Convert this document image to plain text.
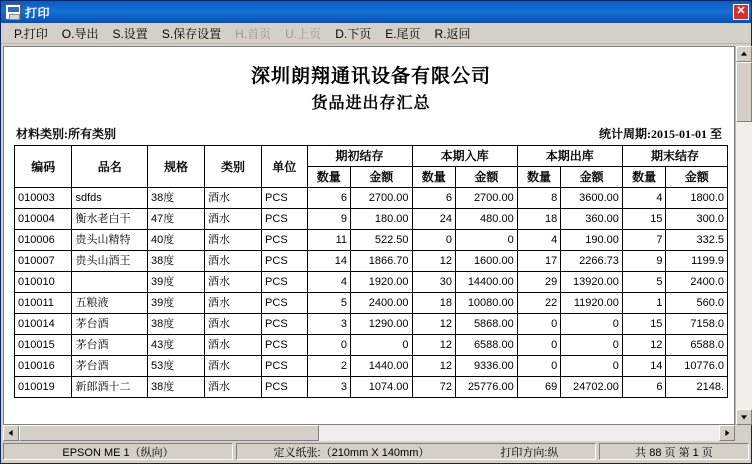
打印	✕
P.打印	O.导出	S.设置	S.保存设置	H.首页	U.上页	D.下页	E.尾页	R.返回
深圳朗翔通讯设备有限公司
货品进出存汇总
材料类别:所有类别	统计周期:2015-01-01 至
编码	品名	规格	类别	单位	期初结存		本期入库		本期出库		期末结存	
					数量	金额	数量	金额	数量	金额	数量	金额
010003	sdfds	38度	酒水	PCS	6	2700.00	6	2700.00	8	3600.00	4	1800.0
010004	衡水老白干	47度	酒水	PCS	9	180.00	24	480.00	18	360.00	15	300.0
010006	贵头山精特	40度	酒水	PCS	11	522.50	0	0	4	190.00	7	332.5
010007	贵头山酒王	38度	酒水	PCS	14	1866.70	12	1600.00	17	2266.73	9	1199.9
010010		39度	酒水	PCS	4	1920.00	30	14400.00	29	13920.00	5	2400.0
010011	五粮液	39度	酒水	PCS	5	2400.00	18	10080.00	22	11920.00	1	560.0
010014	茅台酒	38度	酒水	PCS	3	1290.00	12	5868.00	0	0	15	7158.0
010015	茅台酒	43度	酒水	PCS	0	0	12	6588.00	0	0	12	6588.0
010016	茅台酒	53度	酒水	PCS	2	1440.00	12	9336.00	0	0	14	10776.0
010019	新郎酒十二	38度	酒水	PCS	3	1074.00	72	25776.00	69	24702.00	6	2148.
EPSON ME 1（纵向）	定义纸张:（210mm X 140mm）	打印方向:纵	共 88 页 第 1 页
